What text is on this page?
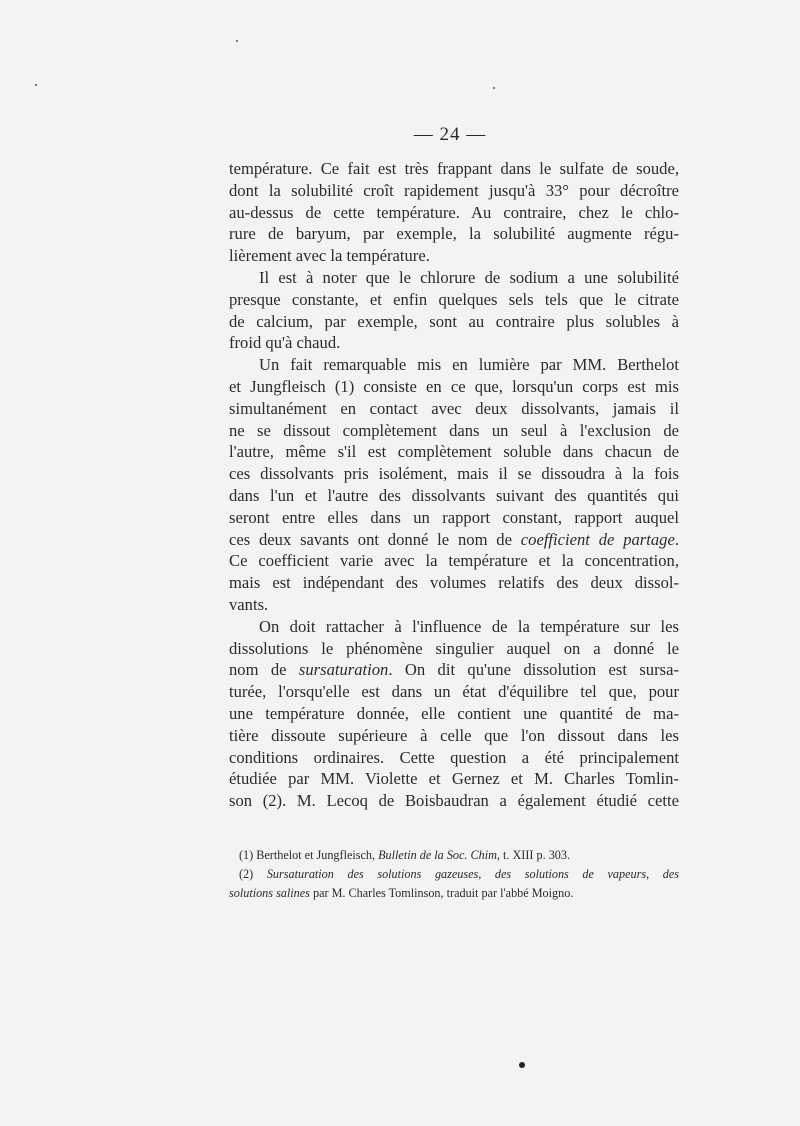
— 24 —
température. Ce fait est très frappant dans le sulfate de soude,
dont la solubilité croît rapidement jusqu'à 33° pour décroître
au-dessus de cette température. Au contraire, chez le chlo-
rure de baryum, par exemple, la solubilité augmente régu-
lièrement avec la température.
Il est à noter que le chlorure de sodium a une solubilité
presque constante, et enfin quelques sels tels que le citrate
de calcium, par exemple, sont au contraire plus solubles à
froid qu'à chaud.
Un fait remarquable mis en lumière par MM. Berthelot
et Jungfleisch (1) consiste en ce que, lorsqu'un corps est mis
simultanément en contact avec deux dissolvants, jamais il
ne se dissout complètement dans un seul à l'exclusion de
l'autre, même s'il est complètement soluble dans chacun de
ces dissolvants pris isolément, mais il se dissoudra à la fois
dans l'un et l'autre des dissolvants suivant des quantités qui
seront entre elles dans un rapport constant, rapport auquel
ces deux savants ont donné le nom de coefficient de partage.
Ce coefficient varie avec la température et la concentration,
mais est indépendant des volumes relatifs des deux dissol-
vants.
On doit rattacher à l'influence de la température sur les
dissolutions le phénomène singulier auquel on a donné le
nom de sursaturation. On dit qu'une dissolution est sursa-
turée, l'orsqu'elle est dans un état d'équilibre tel que, pour
une température donnée, elle contient une quantité de ma-
tière dissoute supérieure à celle que l'on dissout dans les
conditions ordinaires. Cette question a été principalement
étudiée par MM. Violette et Gernez et M. Charles Tomlin-
son (2). M. Lecoq de Boisbaudran a également étudié cette
(1) Berthelot et Jungfleisch, Bulletin de la Soc. Chim, t. XIII p. 303.
(2) Sursaturation des solutions gazeuses, des solutions de vapeurs, des
solutions salines par M. Charles Tomlinson, traduit par l'abbé Moigno.
